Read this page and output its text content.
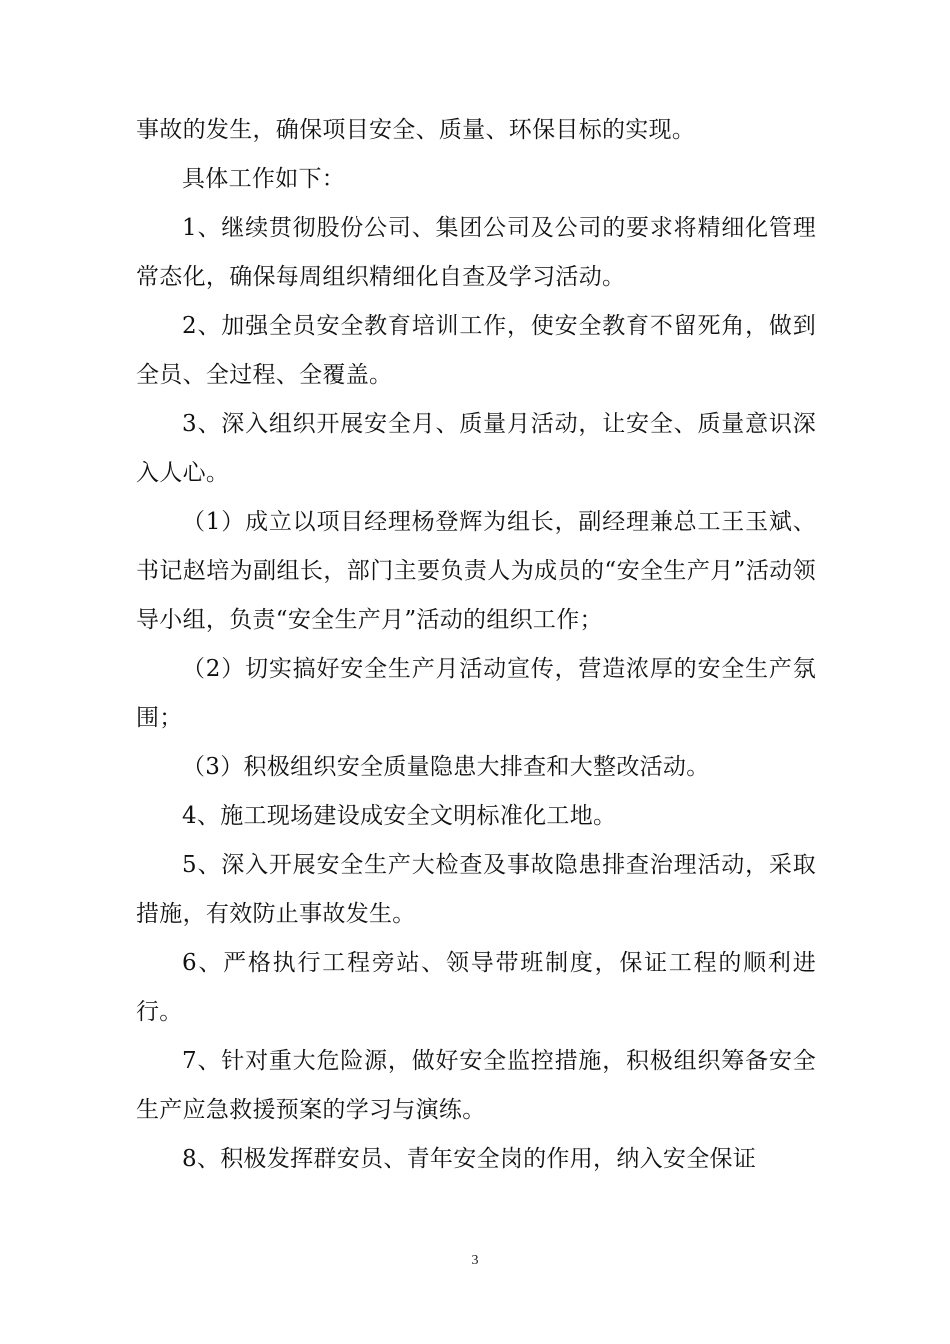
事故的发生，确保项目安全、质量、环保目标的实现。

具体工作如下：

1、继续贯彻股份公司、集团公司及公司的要求将精细化管理常态化，确保每周组织精细化自查及学习活动。

2、加强全员安全教育培训工作，使安全教育不留死角，做到全员、全过程、全覆盖。

3、深入组织开展安全月、质量月活动，让安全、质量意识深入人心。

（1）成立以项目经理杨登辉为组长，副经理兼总工王玉斌、书记赵培为副组长，部门主要负责人为成员的“安全生产月”活动领导小组，负责“安全生产月”活动的组织工作；

（2）切实搞好安全生产月活动宣传，营造浓厚的安全生产氛围；

（3）积极组织安全质量隐患大排查和大整改活动。

4、施工现场建设成安全文明标准化工地。

5、深入开展安全生产大检查及事故隐患排查治理活动，采取措施，有效防止事故发生。

6、严格执行工程旁站、领导带班制度，保证工程的顺利进行。

7、针对重大危险源，做好安全监控措施，积极组织筹备安全生产应急救援预案的学习与演练。

8、积极发挥群安员、青年安全岗的作用，纳入安全保证

3
